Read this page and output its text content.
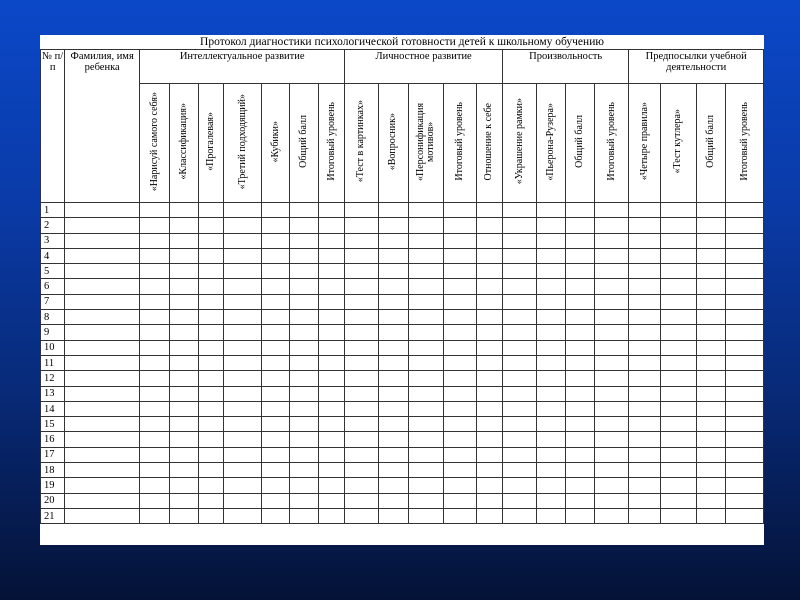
Протокол диагностики психологической готовности детей к школьному обучению
№ п/ п	Фамилия, имя ребенка	Интеллектуальное развитие							Личностное развитие					Произвольность				Предпосылки учебной деятельности			
		«Нарисуй самого себя»	«Классификация»	«Прогалевая»	«Третий подходящий»	«Кубики»	Общий балл	Итоговый уровень	«Тест в картинках»	«Вопросник»	«Персонификация мотивов»	Итоговый уровень	Отношение к себе	«Украшение рамки»	«Пьерона-Рузера»	Общий балл	Итоговый уровень	«Четыре правила»	«Тест кутлера»	Общий балл	Итоговый уровень
1																					
2																					
3																					
4																					
5																					
6																					
7																					
8																					
9																					
10																					
11																					
12																					
13																					
14																					
15																					
16																					
17																					
18																					
19																					
20																					
21																					
